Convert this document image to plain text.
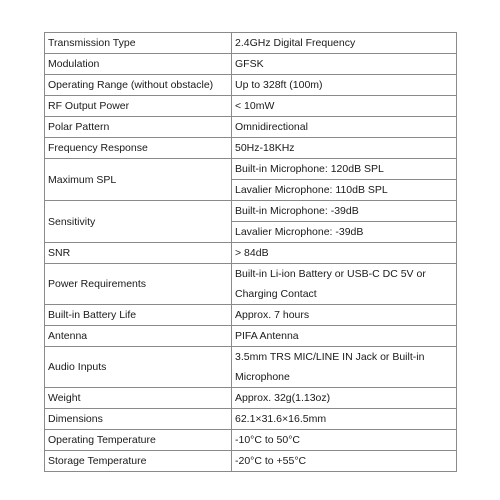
Transmission Type	2.4GHz Digital Frequency
Modulation	GFSK
Operating Range (without obstacle)	Up to 328ft (100m)
RF Output Power	< 10mW
Polar Pattern	Omnidirectional
Frequency Response	50Hz-18KHz
Maximum SPL	Built-in Microphone: 120dB SPL
Lavalier Microphone: 110dB SPL

Sensitivity	Built-in Microphone: -39dB
Lavalier Microphone: -39dB

SNR	> 84dB
Power Requirements	Built-in Li-ion Battery or USB-C DC 5V or Charging Contact
Built-in Battery Life	Approx. 7 hours
Antenna	PIFA Antenna
Audio Inputs	3.5mm TRS MIC/LINE IN Jack or Built-in Microphone
Weight	Approx. 32g(1.13oz)
Dimensions	62.1×31.6×16.5mm
Operating Temperature	-10°C to 50°C
Storage Temperature	-20°C to +55°C
